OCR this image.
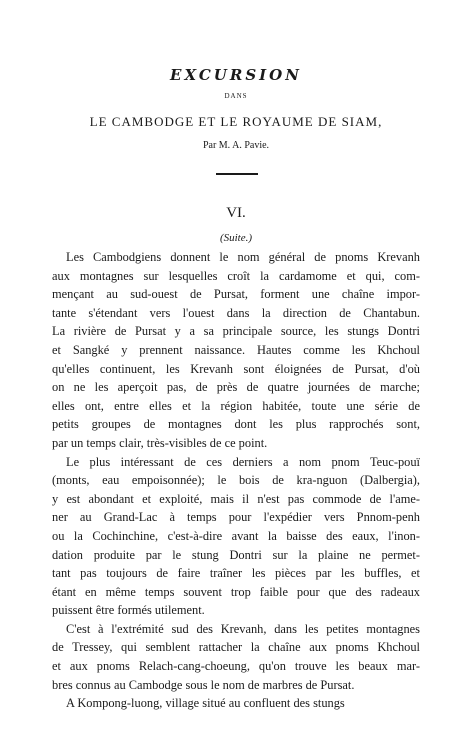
EXCURSION
DANS
LE CAMBODGE ET LE ROYAUME DE SIAM,
Par M. A. Pavie.
VI.
(Suite.)
Les Cambodgiens donnent le nom général de pnoms Krevanh
aux montagnes sur lesquelles croît la cardamome et qui, com-
mençant au sud-ouest de Pursat, forment une chaîne impor-
tante s'étendant vers l'ouest dans la direction de Chantabun.
La rivière de Pursat y a sa principale source, les stungs Dontri
et Sangké y prennent naissance. Hautes comme les Khchoul
qu'elles continuent, les Krevanh sont éloignées de Pursat, d'où
on ne les aperçoit pas, de près de quatre journées de marche;
elles ont, entre elles et la région habitée, toute une série de
petits groupes de montagnes dont les plus rapprochés sont,
par un temps clair, très-visibles de ce point.
Le plus intéressant de ces derniers a nom pnom Teuc-pouï
(monts, eau empoisonnée); le bois de kra-nguon (Dalbergia),
y est abondant et exploité, mais il n'est pas commode de l'ame-
ner au Grand-Lac à temps pour l'expédier vers Pnnom-penh
ou la Cochinchine, c'est-à-dire avant la baisse des eaux, l'inon-
dation produite par le stung Dontri sur la plaine ne permet-
tant pas toujours de faire traîner les pièces par les buffles, et
étant en même temps souvent trop faible pour que des radeaux
puissent être formés utilement.
C'est à l'extrémité sud des Krevanh, dans les petites montagnes
de Tressey, qui semblent rattacher la chaîne aux pnoms Khchoul
et aux pnoms Relach-cang-choeung, qu'on trouve les beaux mar-
bres connus au Cambodge sous le nom de marbres de Pursat.
A Kompong-luong, village situé au confluent des stungs
